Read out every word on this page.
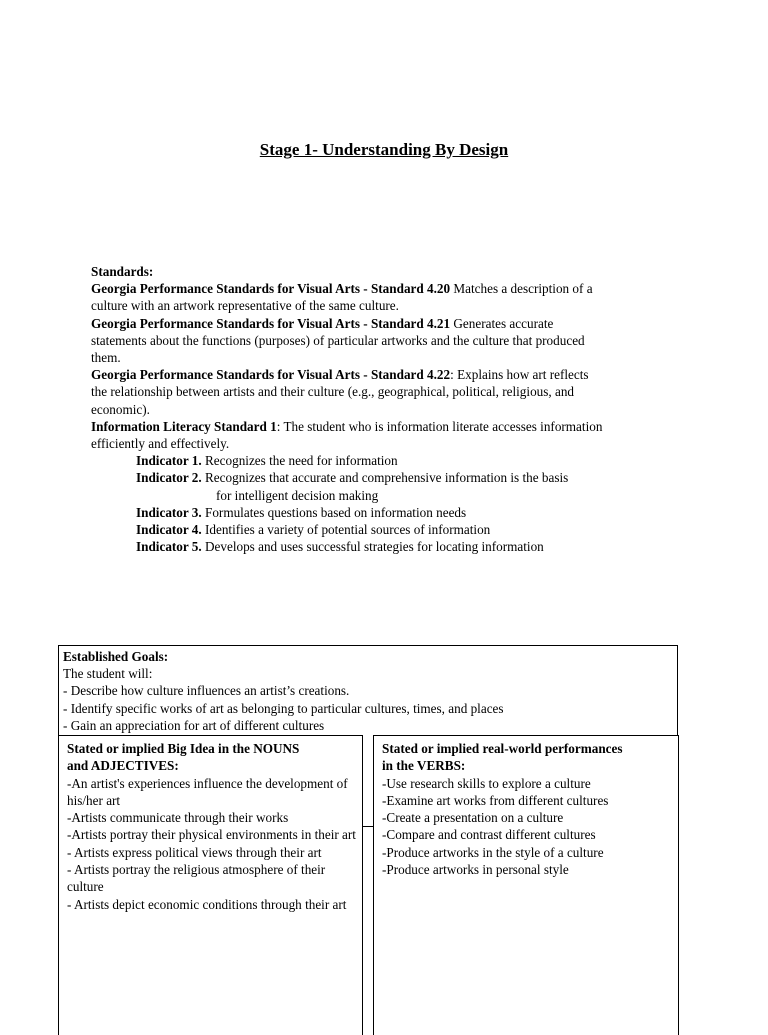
Stage 1- Understanding By Design
Standards:
Georgia Performance Standards for Visual Arts - Standard 4.20 Matches a description of a
culture with an artwork representative of the same culture.
Georgia Performance Standards for Visual Arts - Standard 4.21 Generates accurate
statements about the functions (purposes) of particular artworks and the culture that produced
them.
Georgia Performance Standards for Visual Arts - Standard 4.22: Explains how art reflects
the relationship between artists and their culture (e.g., geographical, political, religious, and
economic).
Information Literacy Standard 1: The student who is information literate accesses information
efficiently and effectively.
Indicator 1. Recognizes the need for information
Indicator 2. Recognizes that accurate and comprehensive information is the basis
for intelligent decision making
Indicator 3. Formulates questions based on information needs
Indicator 4. Identifies a variety of potential sources of information
Indicator 5. Develops and uses successful strategies for locating information
Established Goals:
The student will:
- Describe how culture influences an artist’s creations.
- Identify specific works of art as belonging to particular cultures, times, and places
- Gain an appreciation for art of different cultures
Stated or implied Big Idea in the NOUNS
and ADJECTIVES:
-An artist's experiences influence the development of his/her art
-Artists communicate through their works
-Artists portray their physical environments in their art
- Artists express political views through their art
- Artists portray the religious atmosphere of their culture
- Artists depict economic conditions through their art
Stated or implied real-world performances
in the VERBS:
-Use research skills to explore a culture
-Examine art works from different cultures
-Create a presentation on a culture
-Compare and contrast different cultures
-Produce artworks in the style of a culture
-Produce artworks in personal style
